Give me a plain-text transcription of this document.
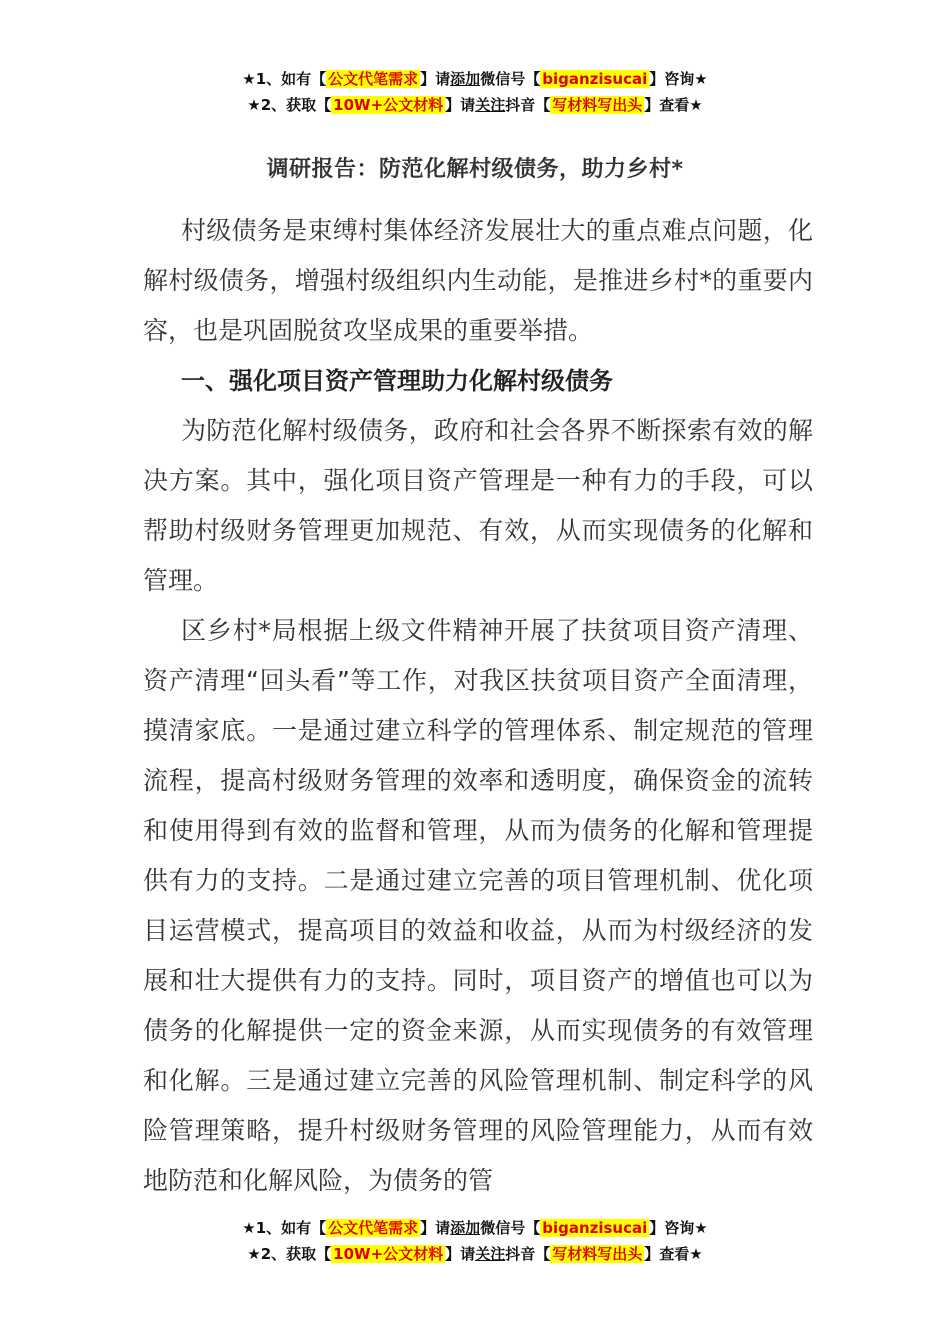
★1、如有【 公文代笔需求 】请添加微信号【 biganzisucai 】咨询★
★2、获取【 10W+公文材料 】请关注抖音【 写材料写出头 】查看★
调研报告：防范化解村级债务，助力乡村*

村级债务是束缚村集体经济发展壮大的重点难点问题，化解村级债务，增强村级组织内生动能，是推进乡村*的重要内容，也是巩固脱贫攻坚成果的重要举措。

一、强化项目资产管理助力化解村级债务

为防范化解村级债务，政府和社会各界不断探索有效的解决方案。其中，强化项目资产管理是一种有力的手段，可以帮助村级财务管理更加规范、有效，从而实现债务的化解和管理。

区乡村*局根据上级文件精神开展了扶贫项目资产清理、资产清理“回头看”等工作，对我区扶贫项目资产全面清理，摸清家底。一是通过建立科学的管理体系、制定规范的管理流程，提高村级财务管理的效率和透明度，确保资金的流转和使用得到有效的监督和管理，从而为债务的化解和管理提供有力的支持。二是通过建立完善的项目管理机制、优化项目运营模式，提高项目的效益和收益，从而为村级经济的发展和壮大提供有力的支持。同时，项目资产的增值也可以为债务的化解提供一定的资金来源，从而实现债务的有效管理和化解。三是通过建立完善的风险管理机制、制定科学的风险管理策略，提升村级财务管理的风险管理能力，从而有效地防范和化解风险，为债务的管

★1、如有【 公文代笔需求 】请添加微信号【 biganzisucai 】咨询★
★2、获取【 10W+公文材料 】请关注抖音【 写材料写出头 】查看★
